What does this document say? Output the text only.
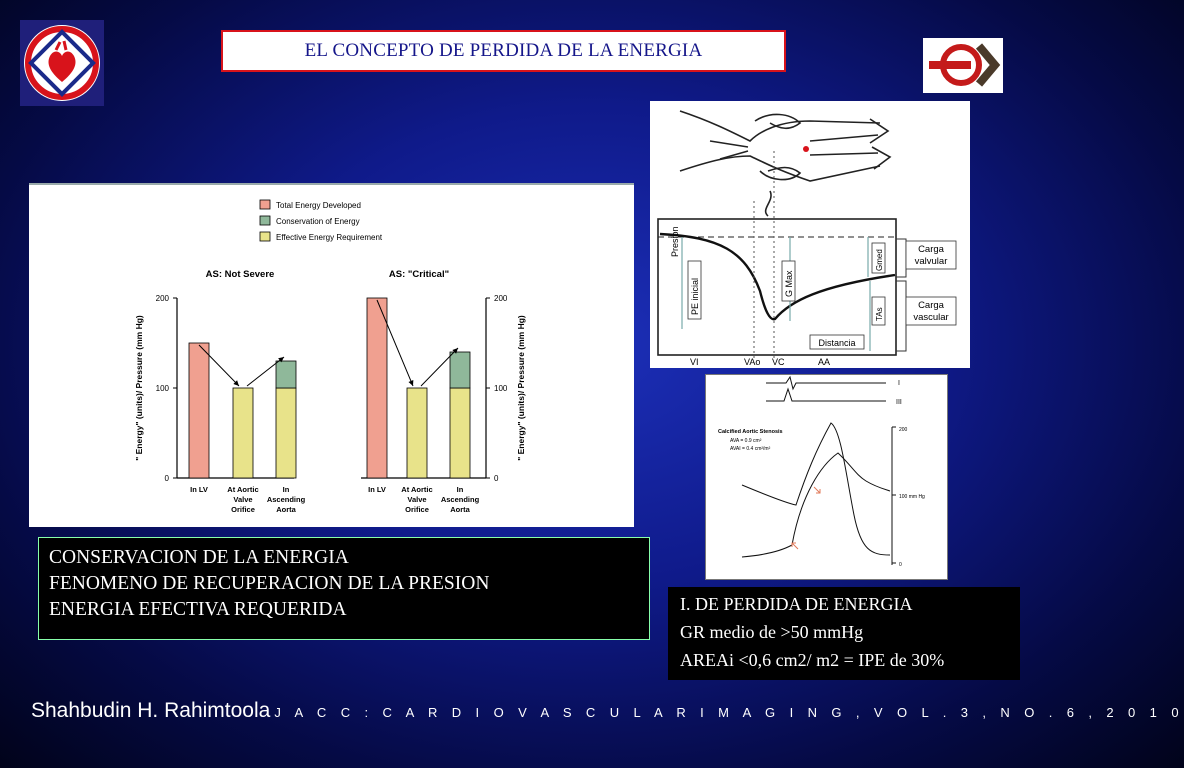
EL CONCEPTO DE PERDIDA DE LA ENERGIA
Total Energy Developed
Conservation of Energy
Effective Energy Requirement
AS: Not Severe
200
100
0
" Energy" (units)/ Pressure (mm Hg)
In LV	At Aortic
Valve
Orifice
In
Ascending
Aorta
AS: "Critical"
200
100
0
" Energy" (units)/ Pressure (mm Hg)
In LV At Aortic
Valve
Orifice
In
Ascending
Aorta
Presion
PE inicial	G Max
Gmed
TAs
Carga
valvular
Carga
vascular
Distancia
VI	VAo VC	AA
I
III
Calcified Aortic Stenosis
AVA = 0.9 cm²
AVAI = 0.4 cm²/m²
200
100 mm Hg
0
CONSERVACION DE LA ENERGIA
FENOMENO DE RECUPERACION DE LA PRESION
ENERGIA EFECTIVA REQUERIDA	I. DE PERDIDA DE ENERGIA
GR medio de >50 mmHg
AREAi <0,6 cm2/ m2 = IPE de 30%
Shahbudin H. Rahimtoola J A C C : C A R D I O V A S C U L A R I M A G I N G , V O L . 3 , N O . 6 , 2 0 1 0
